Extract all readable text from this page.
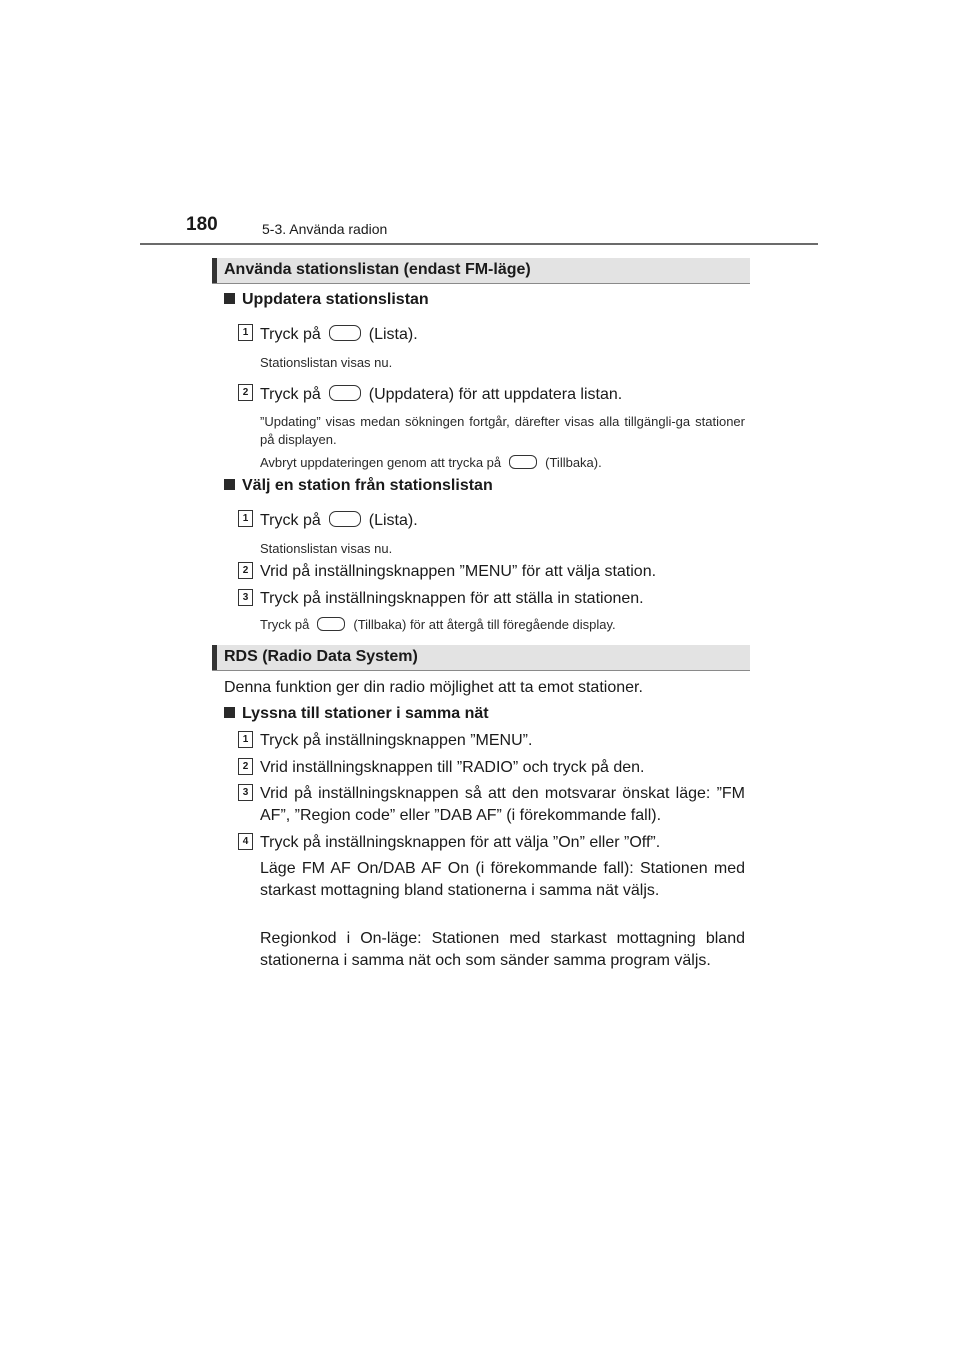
180	5-3. Använda radion
Använda stationslistan (endast FM-läge)
Uppdatera stationslistan
1 Tryck på	(Lista).
Stationslistan visas nu.
2 Tryck på	(Uppdatera) för att uppdatera listan.
”Updating” visas medan sökningen fortgår, därefter visas alla tillgängli-ga stationer på displayen.
Avbryt uppdateringen genom att trycka på	(Tillbaka).
Välj en station från stationslistan
1 Tryck på	(Lista).
Stationslistan visas nu.
2 Vrid på inställningsknappen ”MENU” för att välja station.
3 Tryck på inställningsknappen för att ställa in stationen.
Tryck på	(Tillbaka) för att återgå till föregående display.
RDS (Radio Data System)
Denna funktion ger din radio möjlighet att ta emot stationer.
Lyssna till stationer i samma nät
1 Tryck på inställningsknappen ”MENU”.
2 Vrid inställningsknappen till ”RADIO” och tryck på den.
3 Vrid på inställningsknappen så att den motsvarar önskat läge: ”FM AF”, ”Region code” eller ”DAB AF” (i förekommande fall).
4 Tryck på inställningsknappen för att välja ”On” eller ”Off”.
Läge FM AF On/DAB AF On (i förekommande fall): Stationen med starkast mottagning bland stationerna i samma nät väljs.
Regionkod i On-läge: Stationen med starkast mottagning bland stationerna i samma nät och som sänder samma program väljs.
